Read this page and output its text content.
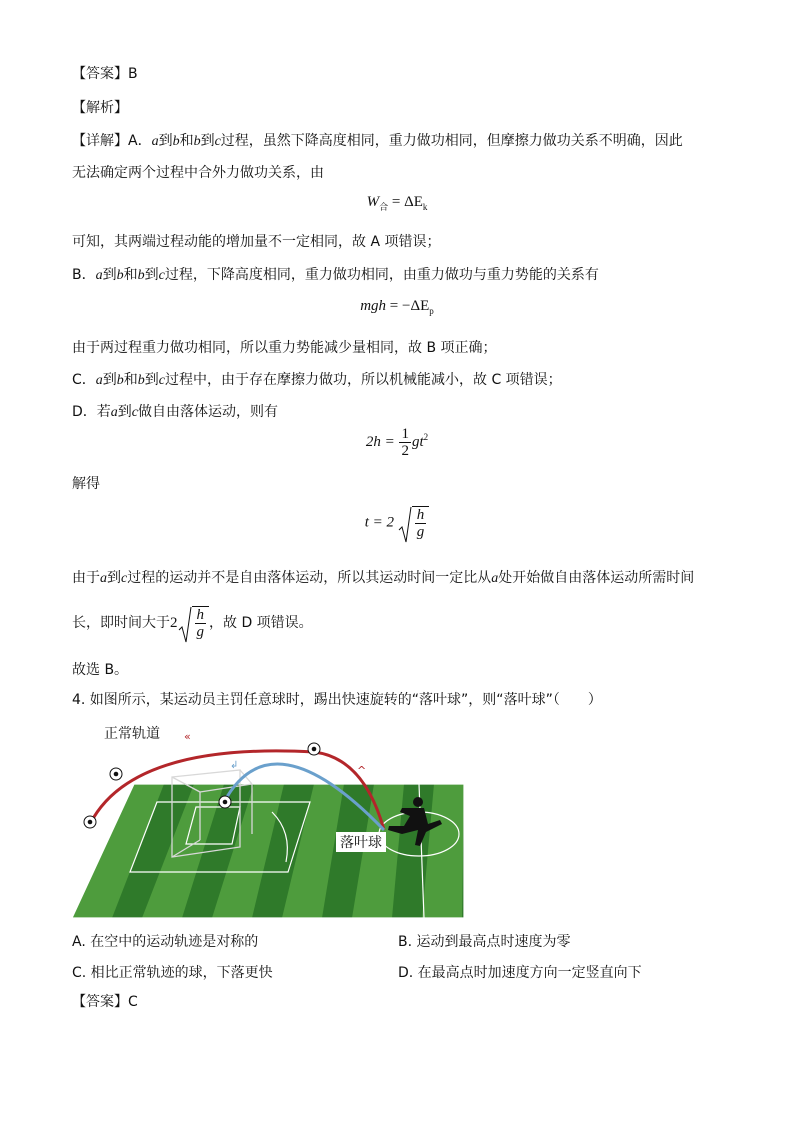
【答案】B
【解析】
【详解】A．a到b和b到c过程，虽然下降高度相同，重力做功相同，但摩擦力做功关系不明确，因此
无法确定两个过程中合外力做功关系，由
$W_合 = \Delta E_k$
可知，其两端过程动能的增加量不一定相同，故 A 项错误；
B．a到b和b到c过程，下降高度相同，重力做功相同，由重力做功与重力势能的关系有
mgh = $-\Delta E_p$
由于两过程重力做功相同，所以重力势能减少量相同，故 B 项正确；
C．a到b和b到c过程中，由于存在摩擦力做功，所以机械能减小，故 C 项错误；
D．若a到c做自由落体运动，则有
$2h = \frac{1}{2} gt^2$
解得
$t = 2 \frac{h}{g}$
由于a到c过程的运动并不是自由落体运动，所以其运动时间一定比从a处开始做自由落体运动所需时间
长，即时间大于$2 \frac{h}{g}$ ，故 D 项错误。
故选 B。
4. 如图所示，某运动员主罚任意球时，踢出快速旋转的“落叶球”，则“落叶球”（　　）
«
^
↲
落叶球
正常轨道
A. 在空中的运动轨迹是对称的	B. 运动到最高点时速度为零
C. 相比正常轨迹的球，下落更快	D. 在最高点时加速度方向一定竖直向下
【答案】C
